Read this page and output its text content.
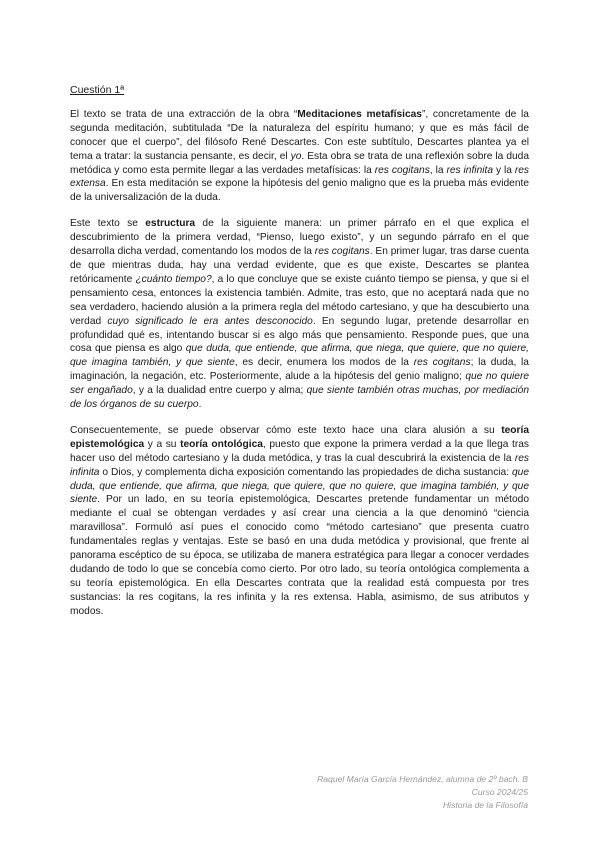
Cuestión 1ª

El texto se trata de una extracción de la obra “Meditaciones metafísicas”, concretamente de la segunda meditación, subtitulada “De la naturaleza del espíritu humano; y que es más fácil de conocer que el cuerpo”, del filósofo René Descartes. Con este subtítulo, Descartes plantea ya el tema a tratar: la sustancia pensante, es decir, el yo. Esta obra se trata de una reflexión sobre la duda metódica y como esta permite llegar a las verdades metafísicas: la res cogitans, la res infinita y la res extensa. En esta meditación se expone la hipótesis del genio maligno que es la prueba más evidente de la universalización de la duda.

Este texto se estructura de la siguiente manera: un primer párrafo en el que explica el descubrimiento de la primera verdad, “Pienso, luego existo”, y un segundo párrafo en el que desarrolla dicha verdad, comentando los modos de la res cogitans. En primer lugar, tras darse cuenta de que mientras duda, hay una verdad evidente, que es que existe, Descartes se plantea retóricamente ¿cuánto tiempo?, a lo que concluye que se existe cuánto tiempo se piensa, y que si el pensamiento cesa, entonces la existencia también. Admite, tras esto, que no aceptará nada que no sea verdadero, haciendo alusión a la primera regla del método cartesiano, y que ha descubierto una verdad cuyo significado le era antes desconocido. En segundo lugar, pretende desarrollar en profundidad qué es, intentando buscar si es algo más que pensamiento. Responde pues, que una cosa que piensa es algo que duda, que entiende, que afirma, que niega, que quiere, que no quiere, que imagina también, y que siente, es decir, enumera los modos de la res cogitans; la duda, la imaginación, la negación, etc. Posteriormente, alude a la hipótesis del genio maligno; que no quiere ser engañado, y a la dualidad entre cuerpo y alma; que siente también otras muchas, por mediación de los órganos de su cuerpo.

Consecuentemente, se puede observar cómo este texto hace una clara alusión a su teoría epistemológica y a su teoría ontológica, puesto que expone la primera verdad a la que llega tras hacer uso del método cartesiano y la duda metódica, y tras la cual descubrirá la existencia de la res infinita o Dios, y complementa dicha exposición comentando las propiedades de dicha sustancia: que duda, que entiende, que afirma, que niega, que quiere, que no quiere, que imagina también, y que siente. Por un lado, en su teoría epistemológica, Descartes pretende fundamentar un método mediante el cual se obtengan verdades y así crear una ciencia a la que denominó “ciencia maravillosa”. Formuló así pues el conocido como “método cartesiano” que presenta cuatro fundamentales reglas y ventajas. Este se basó en una duda metódica y provisional, que frente al panorama escéptico de su época, se utilizaba de manera estratégica para llegar a conocer verdades dudando de todo lo que se concebía como cierto. Por otro lado, su teoría ontológica complementa a su teoría epistemológica. En ella Descartes contrata que la realidad está compuesta por tres sustancias: la res cogitans, la res infinita y la res extensa. Habla, asimismo, de sus atributos y modos.

Raquel María García Hernández, alumna de 2º bach. B
Curso 2024/25
Historia de la Filosofía
